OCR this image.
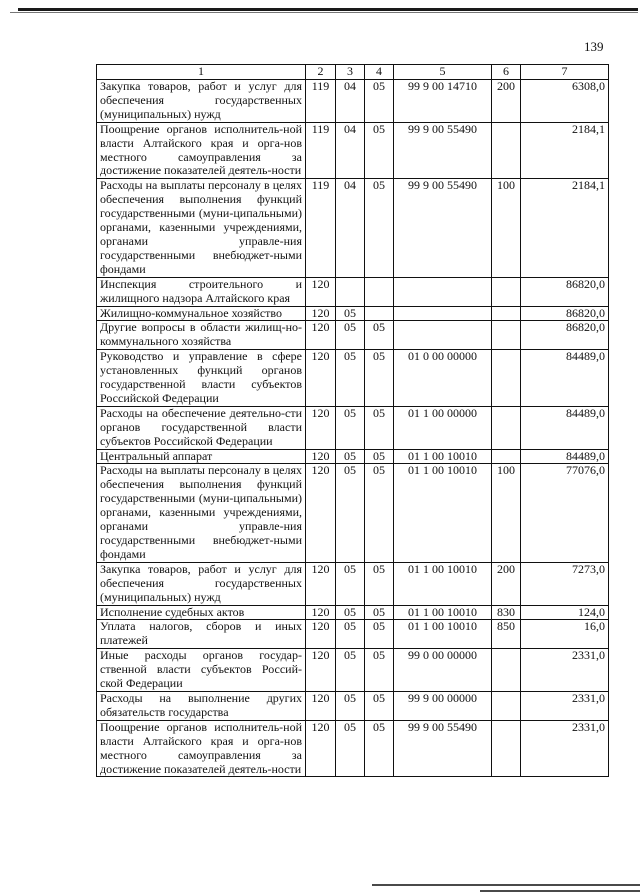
139
1	2	3	4	5	6	7
Закупка товаров, работ и услуг для обеспечения государственных (муниципальных) нужд	119	04	05	99 9 00 14710	200	6308,0
Поощрение органов исполнитель-ной власти Алтайского края и орга-нов местного самоуправления за достижение показателей деятель-ности	119	04	05	99 9 00 55490		2184,1
Расходы на выплаты персоналу в целях обеспечения выполнения функций государственными (муни-ципальными) органами, казенными учреждениями, органами управле-ния государственными внебюджет-ными фондами	119	04	05	99 9 00 55490	100	2184,1
Инспекция строительного и жилищного надзора Алтайского края	120					86820,0
Жилищно-коммунальное хозяйство	120	05				86820,0
Другие вопросы в области жилищ-но-коммунального хозяйства	120	05	05			86820,0
Руководство и управление в сфере установленных функций органов государственной власти субъектов Российской Федерации	120	05	05	01 0 00 00000		84489,0
Расходы на обеспечение деятельно-сти органов государственной власти субъектов Российской Федерации	120	05	05	01 1 00 00000		84489,0
Центральный аппарат	120	05	05	01 1 00 10010		84489,0
Расходы на выплаты персоналу в целях обеспечения выполнения функций государственными (муни-ципальными) органами, казенными учреждениями, органами управле-ния государственными внебюджет-ными фондами	120	05	05	01 1 00 10010	100	77076,0
Закупка товаров, работ и услуг для обеспечения государственных (муниципальных) нужд	120	05	05	01 1 00 10010	200	7273,0
Исполнение судебных актов	120	05	05	01 1 00 10010	830	124,0
Уплата налогов, сборов и иных платежей	120	05	05	01 1 00 10010	850	16,0
Иные расходы органов государ-ственной власти субъектов Россий-ской Федерации	120	05	05	99 0 00 00000		2331,0
Расходы на выполнение других обязательств государства	120	05	05	99 9 00 00000		2331,0
Поощрение органов исполнитель-ной власти Алтайского края и орга-нов местного самоуправления за достижение показателей деятель-ности	120	05	05	99 9 00 55490		2331,0
